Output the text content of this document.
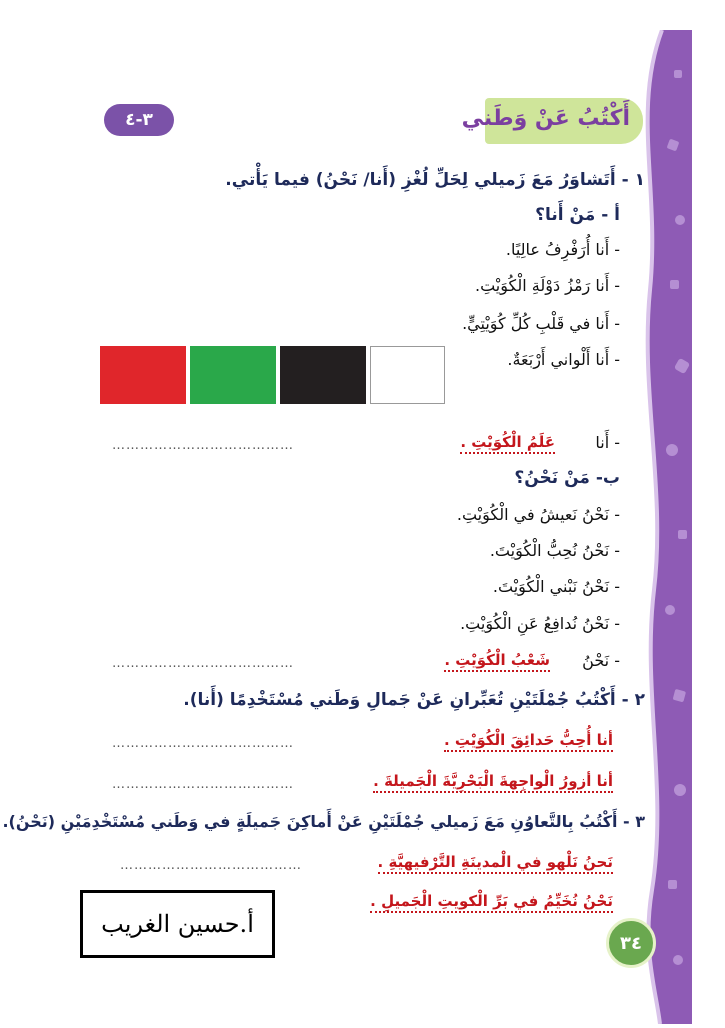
أَكْتُبُ عَنْ وَطَني
٣-٤
١ - أَتَشاوَرُ مَعَ زَميلي لِحَلِّ لُغْزِ (أَنا/ نَحْنُ) فيما يَأْتي.
أ - مَنْ أَنا؟
- أَنا أُرَفْرِفُ عالِيًا.
- أَنا رَمْزُ دَوْلَةِ الْكُوَيْتِ.
- أَنا في قَلْبِ كُلِّ كُوَيْتِيٍّ.
- أَنا أَلْواني أَرْبَعَةٌ.
- أَنا
عَلَمُ الْكُوَيْتِ .
…………………………………
ب- مَنْ نَحْنُ؟
- نَحْنُ نَعيشُ في الْكُوَيْتِ.
- نَحْنُ نُحِبُّ الْكُوَيْتَ.
- نَحْنُ نَبْني الْكُوَيْتَ.
- نَحْنُ نُدافِعُ عَنِ الْكُوَيْتِ.
- نَحْنُ
شَعْبُ الْكُوَيْتِ .
…………………………………
٢ - أَكْتُبُ جُمْلَتَيْنِ تُعَبِّرانِ عَنْ جَمالِ وَطَني مُسْتَخْدِمًا (أَنا).
أنا أُحِبُّ حَدائِقَ الْكُوَيْتِ .
…………………………………
أنا أزورُ الْواجِهةَ الْبَحْرِيَّةَ الْجَميلةَ .
…………………………………
٣ - أَكْتُبُ بِالتَّعاوُنِ مَعَ زَميلي جُمْلَتَيْنِ عَنْ أَماكِنَ جَميلَةٍ في وَطَني مُسْتَخْدِمَيْنِ (نَحْنُ).
نَحنُ نَلْهو في الْمدينَةِ التَّرْفيهيَّةِ .
…………………………………
نَحْنُ نُخَيِّمُ في بَرِّ الْكويتِ الْجَميلِ .
أ.حسين الغريب
٣٤
